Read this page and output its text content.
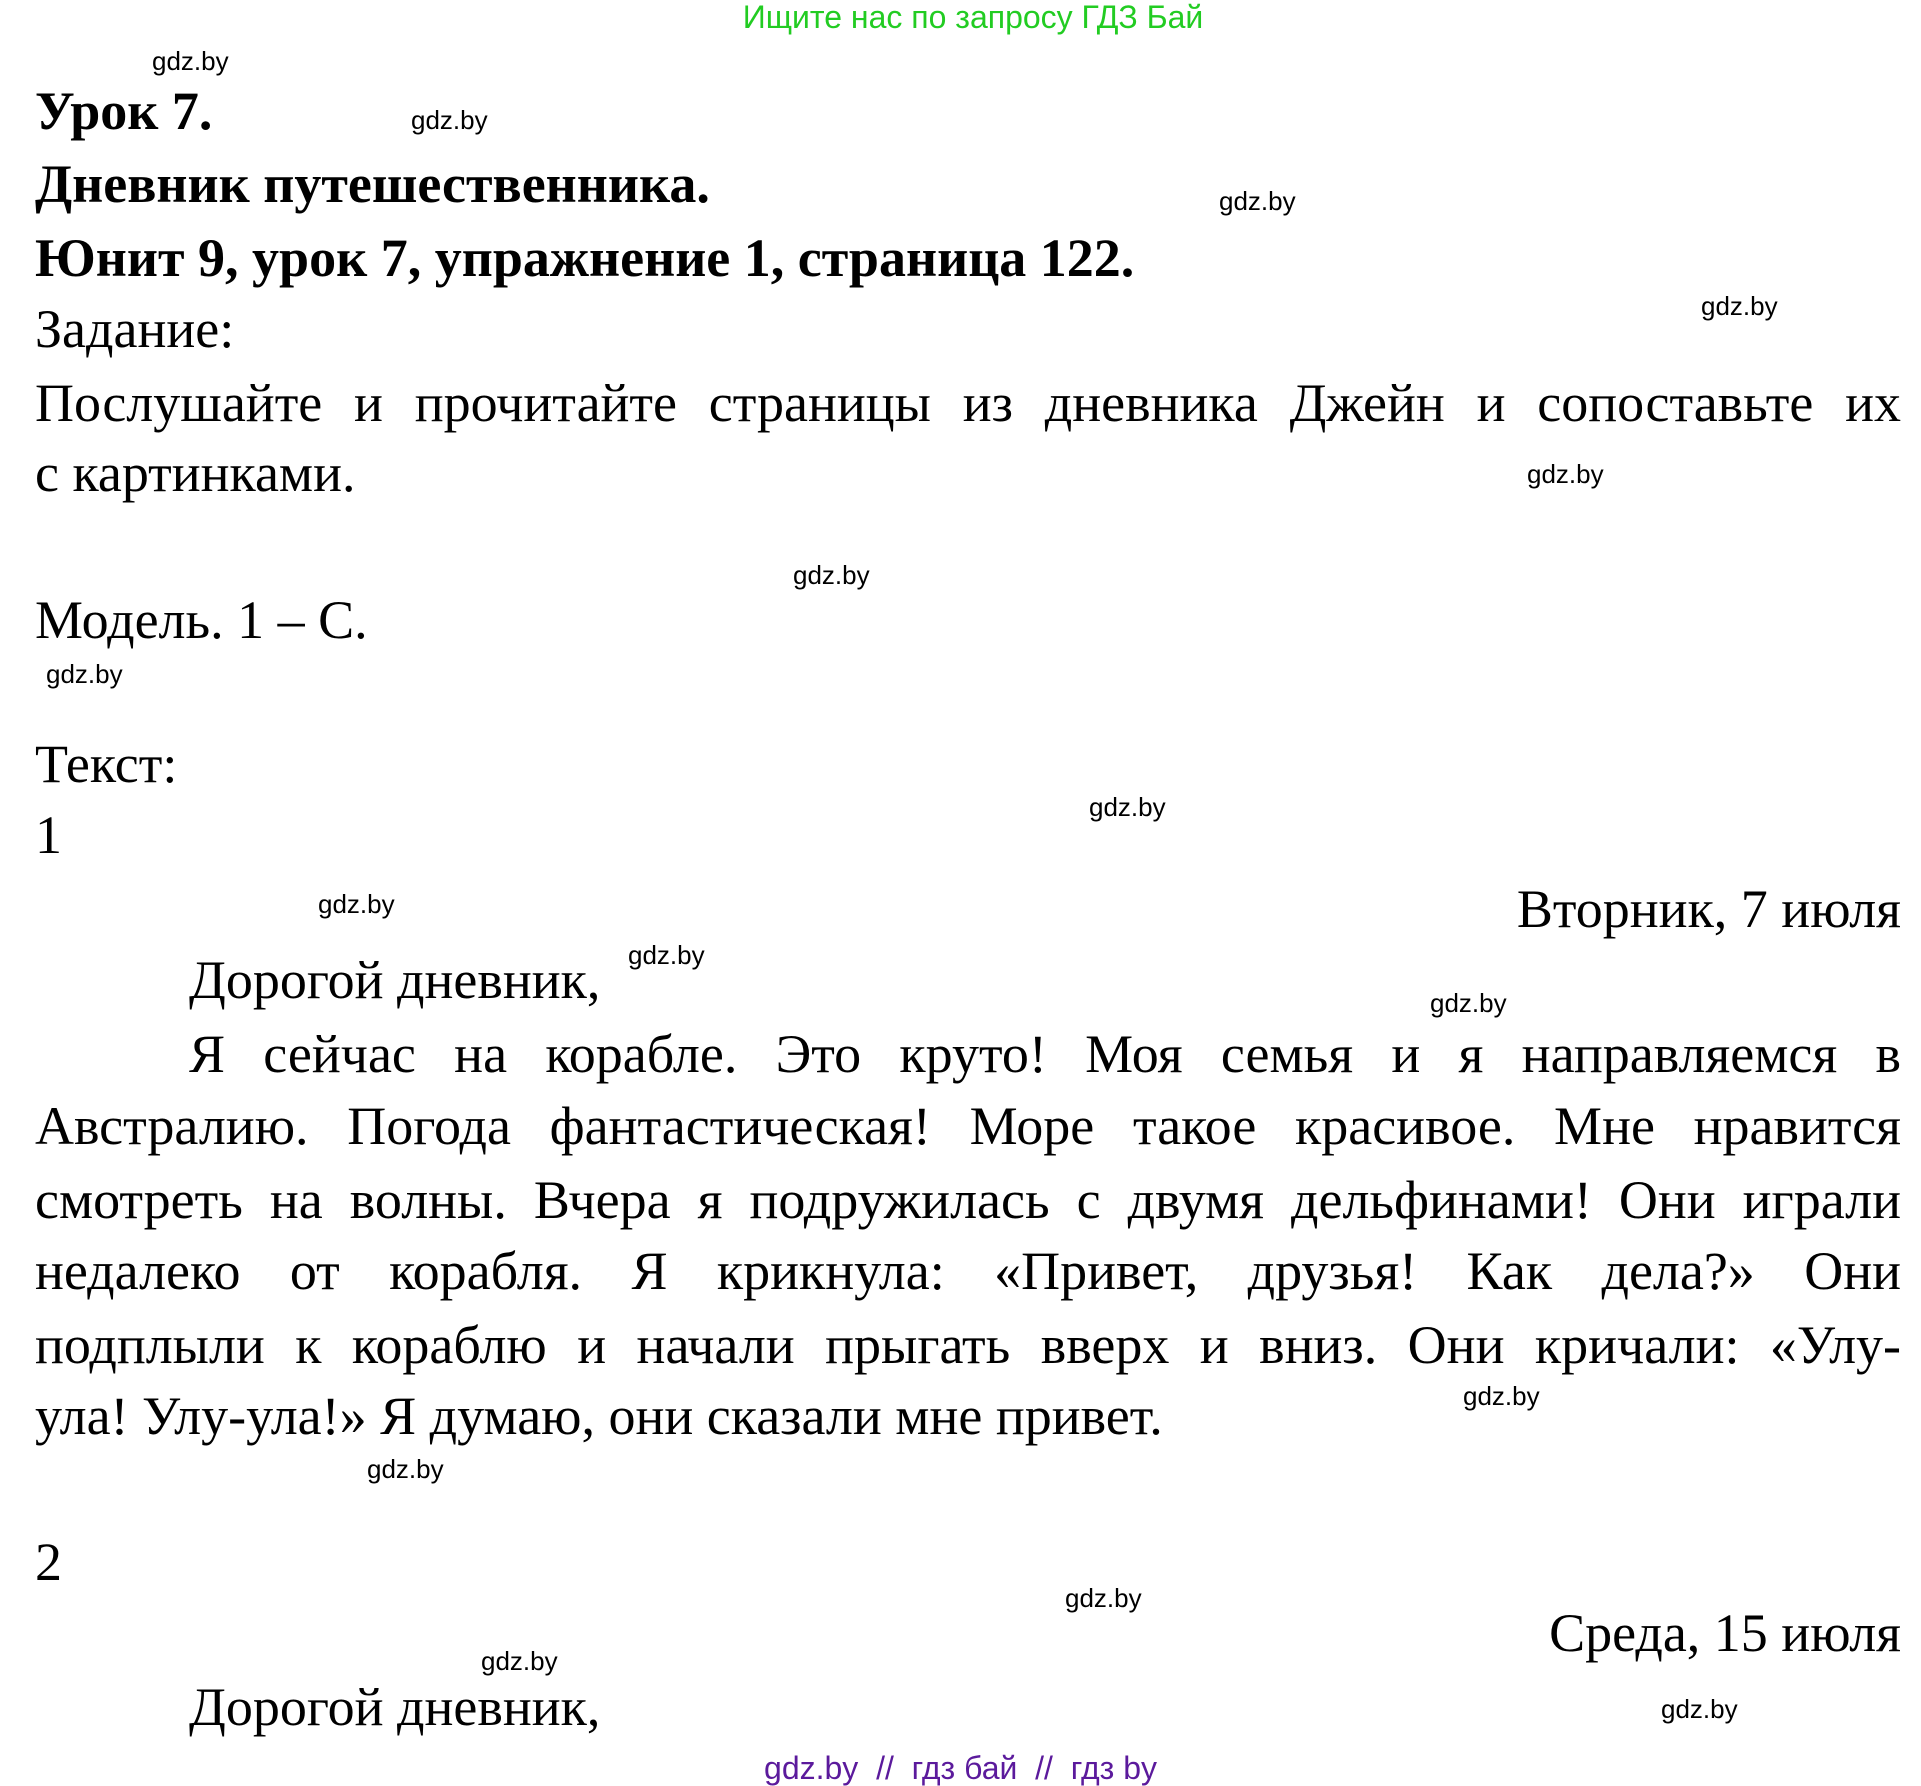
Ищите нас по запросу ГДЗ Бай
Урок 7.
Дневник путешественника.
Юнит 9, урок 7, упражнение 1, страница 122.
Задание:
Послушайте и прочитайте страницы из дневника Джейн и сопоставьте их
с картинками.
Модель. 1 – С.
Текст:
1
Вторник, 7 июля
Дорогой дневник,
Я сейчас на корабле. Это круто! Моя семья и я направляемся в
Австралию. Погода фантастическая! Море такое красивое. Мне нравится
смотреть на волны. Вчера я подружилась с двумя дельфинами! Они играли
недалеко от корабля. Я крикнула: «Привет, друзья! Как дела?» Они
подплыли к кораблю и начали прыгать вверх и вниз. Они кричали: «Улу-
ула! Улу-ула!» Я думаю, они сказали мне привет.
2
Среда, 15 июля
Дорогой дневник,
gdz.by
gdz.by
gdz.by
gdz.by
gdz.by
gdz.by
gdz.by
gdz.by
gdz.by
gdz.by
gdz.by
gdz.by
gdz.by
gdz.by
gdz.by
gdz.by
gdz.by  //  гдз бай  //  гдз by
